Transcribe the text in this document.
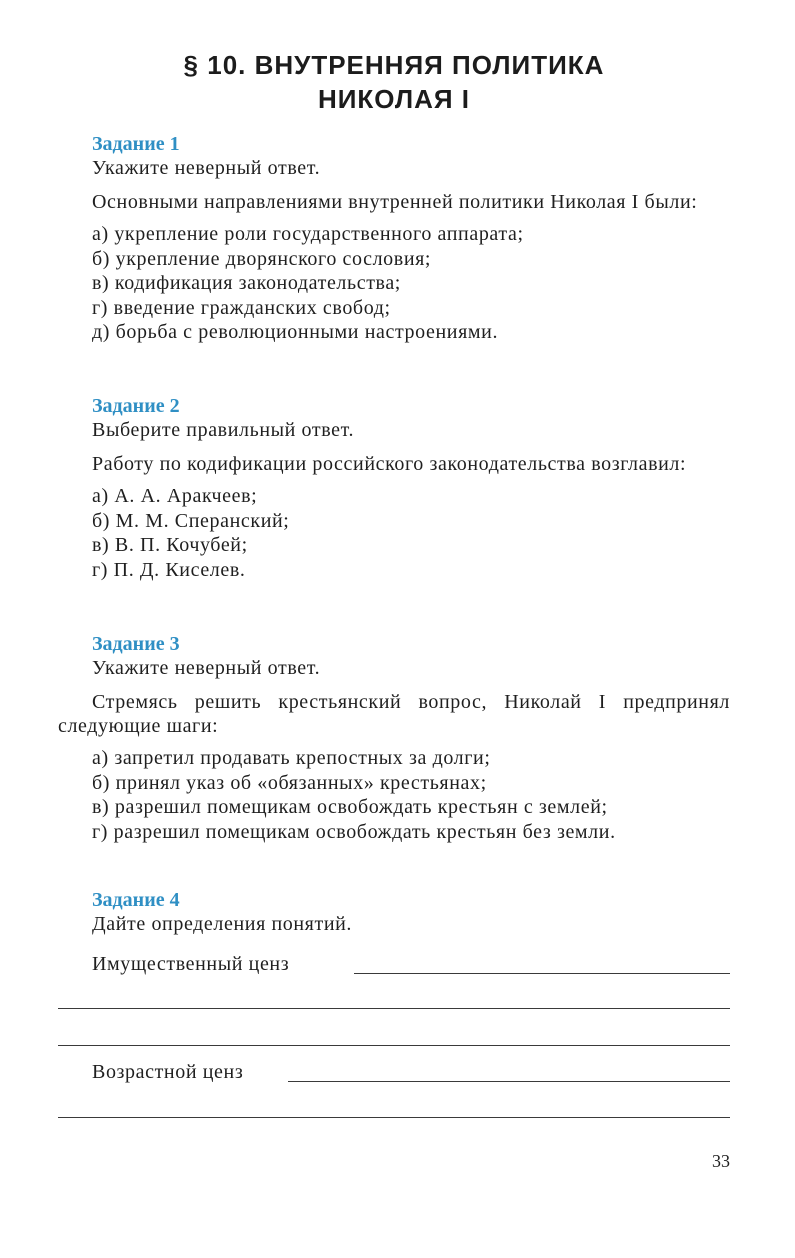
§ 10. ВНУТРЕННЯЯ ПОЛИТИКА
НИКОЛАЯ I
Задание 1
Укажите неверный ответ.
Основными направлениями внутренней политики Николая I были:
а) укрепление роли государственного аппарата;
б) укрепление дворянского сословия;
в) кодификация законодательства;
г) введение гражданских свобод;
д) борьба с революционными настроениями.
Задание 2
Выберите правильный ответ.
Работу по кодификации российского законодательства возглавил:
а) А. А. Аракчеев;
б) М. М. Сперанский;
в) В. П. Кочубей;
г) П. Д. Киселев.
Задание 3
Укажите неверный ответ.
Стремясь решить крестьянский вопрос, Николай I предпринял следующие шаги:
а) запретил продавать крепостных за долги;
б) принял указ об «обязанных» крестьянах;
в) разрешил помещикам освобождать крестьян с землей;
г) разрешил помещикам освобождать крестьян без земли.
Задание 4
Дайте определения понятий.
Имущественный ценз
Возрастной ценз
33
